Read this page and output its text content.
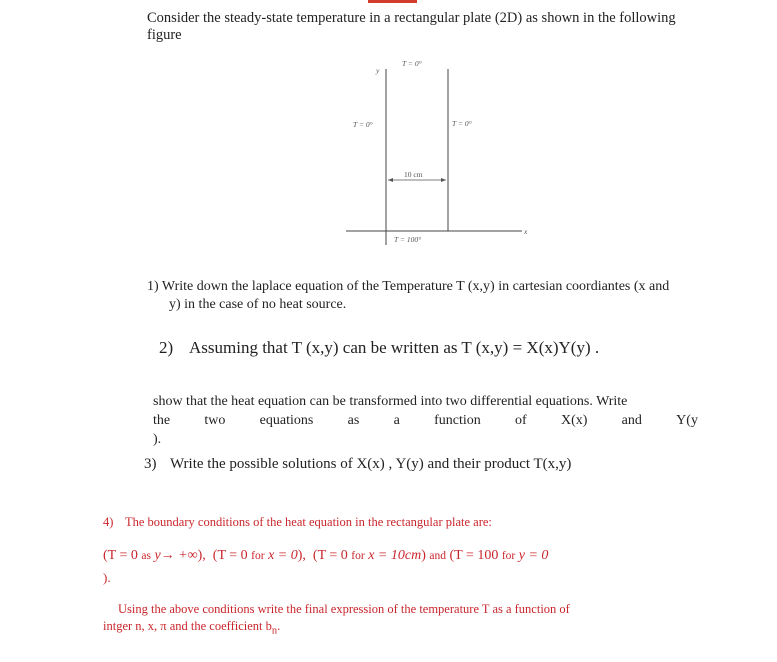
Consider the steady-state temperature in a rectangular plate (2D) as shown in the following
figure
T = 0°
T = 0°	T = 0°
10 cm
T = 100°
y
x
1) Write down the laplace equation of the Temperature T (x,y) in cartesian coordiantes (x and
y) in the case of no heat source.
2) Assuming that T (x,y) can be written as T (x,y) = X(x)Y(y) .
show that the heat equation can be transformed into two differential equations. Write
the two equations as a function of X(x) and Y(y
).
3) Write the possible solutions of X(x) , Y(y) and their product T(x,y)
4) The boundary conditions of the heat equation in the rectangular plate are:
(T = 0 as y→ +∞), (T = 0 for x = 0), (T = 0 for x = 10cm) and (T = 100 for y = 0
).
Using the above conditions write the final expression of the temperature T as a function of
intger n, x, π and the coefficient $b_n$.
